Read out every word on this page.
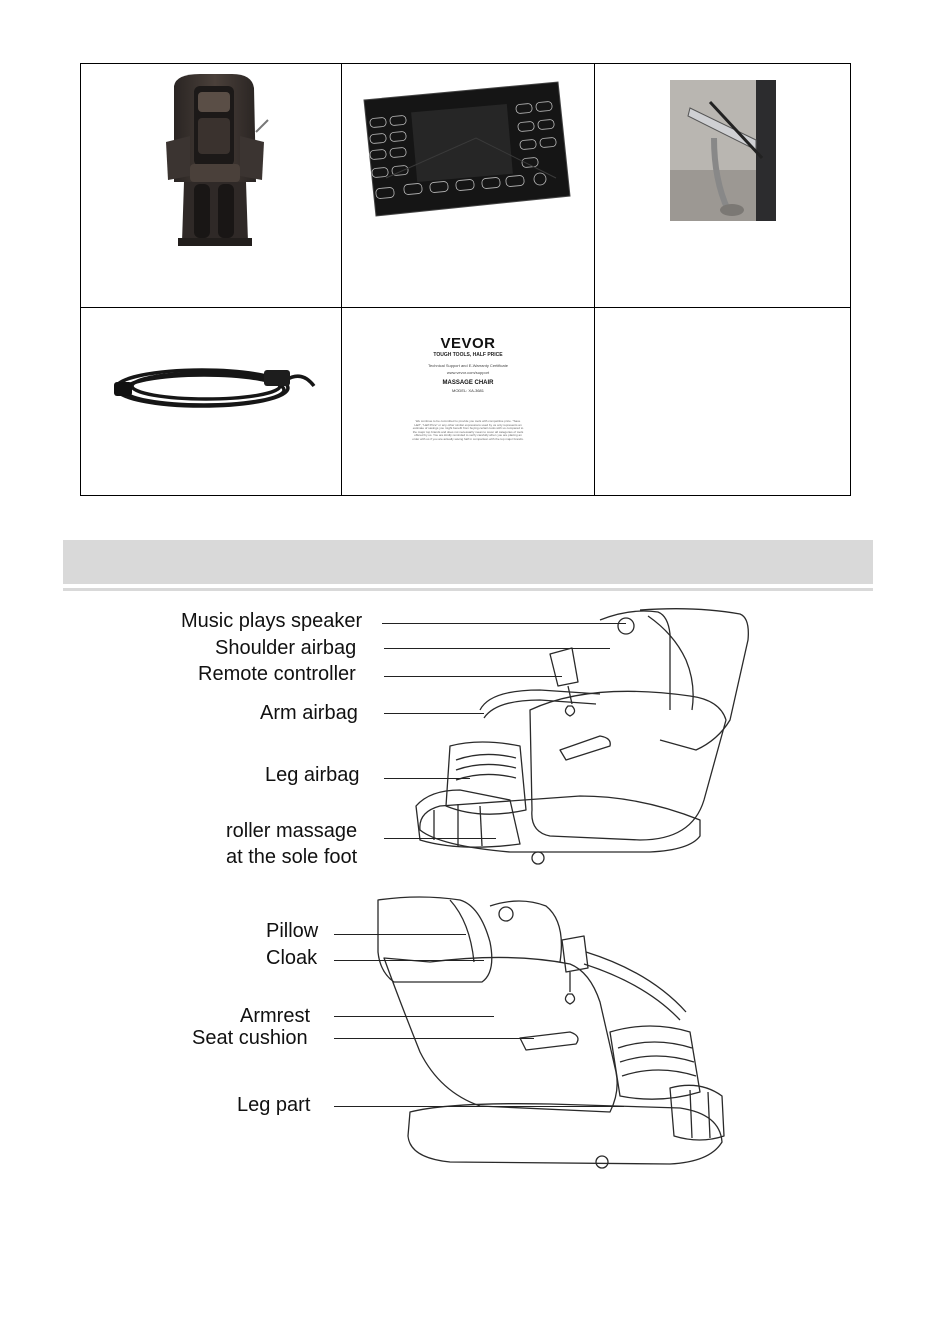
VEVOR
TOUGH TOOLS, HALF PRICE
Technical Support and E-Warranty Certificate
www.vevor.com/support
MASSAGE CHAIR
MODEL: XA-3681
We continue to be committed to provide you tools with competitive price. "Save Half", "Half Price" or any other similar expressions used by us only represents an estimate of savings you might benefit from buying certain tools with us compared to the major top brands and does not necessarily mean to cover all categories of tools offered by us. You are kindly reminded to verify carefully when you are placing an order with us if you are actually saving half in comparison with the top major brands.
Music plays speaker
Shoulder airbag
Remote controller
Arm airbag
Leg airbag
roller massage
at the sole foot
Pillow
Cloak
Armrest
Seat cushion
Leg part
